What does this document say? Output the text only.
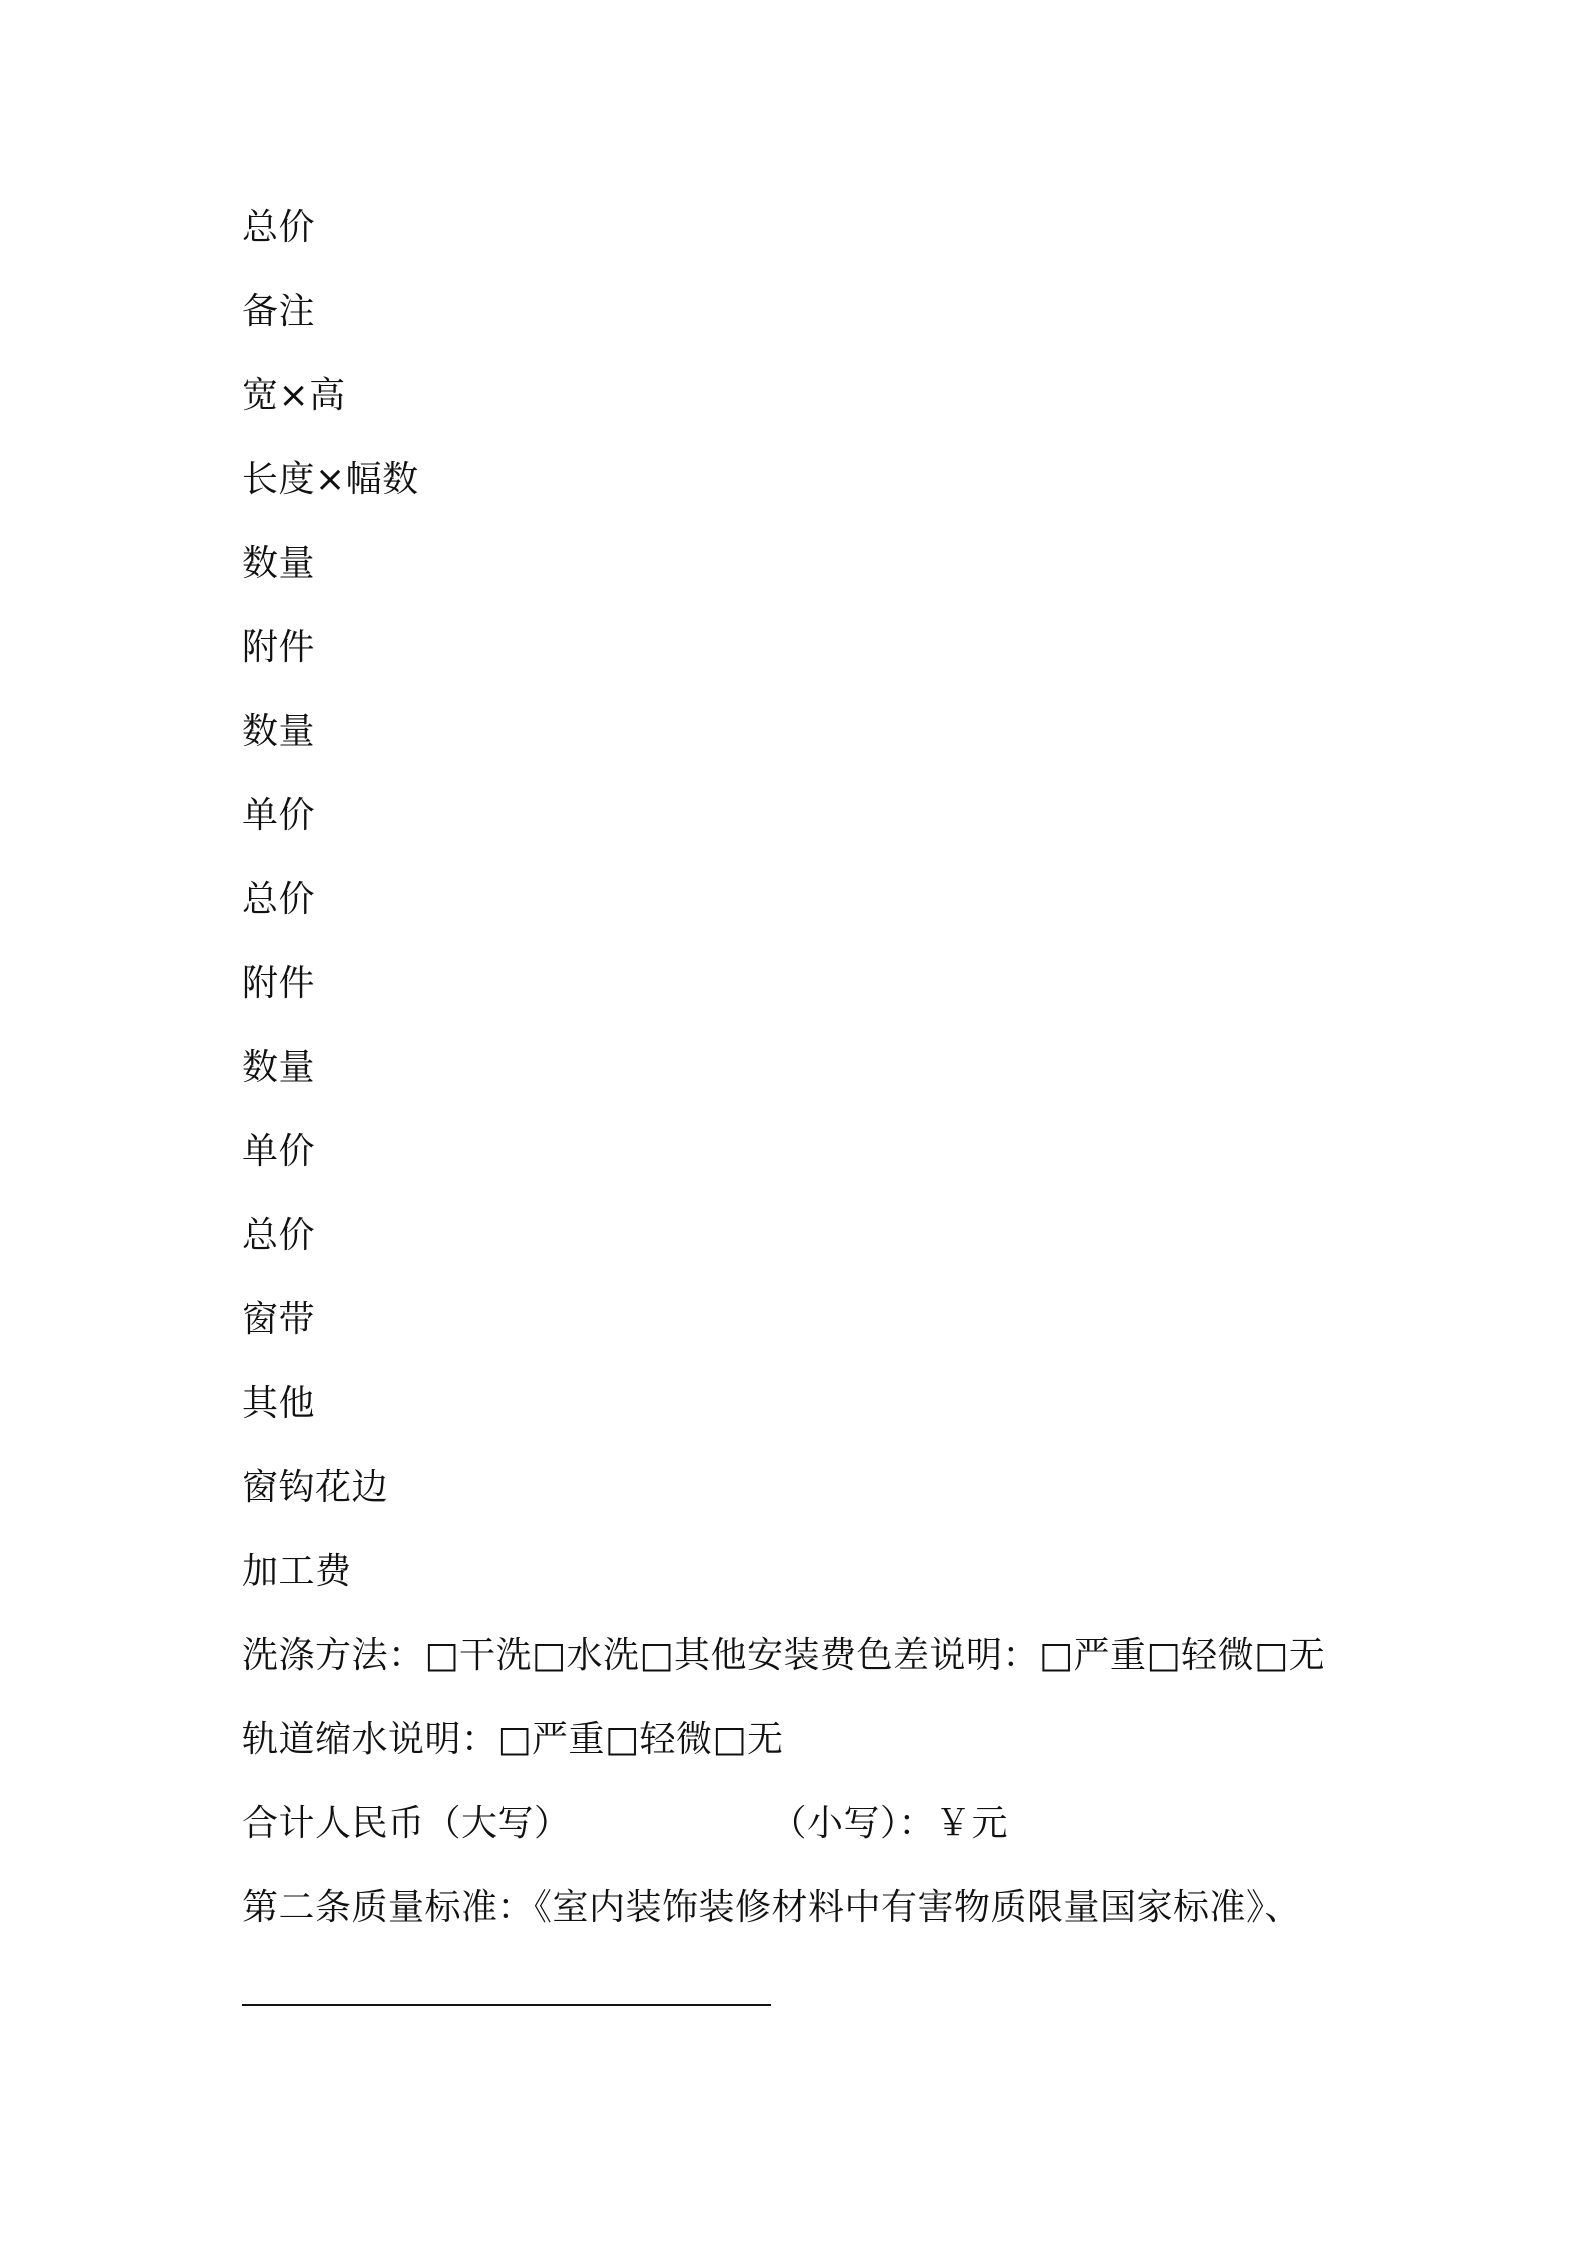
总价
备注
宽×高
长度×幅数
数量
附件
数量
单价
总价
附件
数量
单价
总价
窗带
其他
窗钩花边
加工费
洗涤方法：□干洗□水洗□其他安装费色差说明：□严重□轻微□无
轨道缩水说明：□严重□轻微□无
合计人民币（大写）	（小写）：￥元
第二条质量标准：《室内装饰装修材料中有害物质限量国家标准》、
